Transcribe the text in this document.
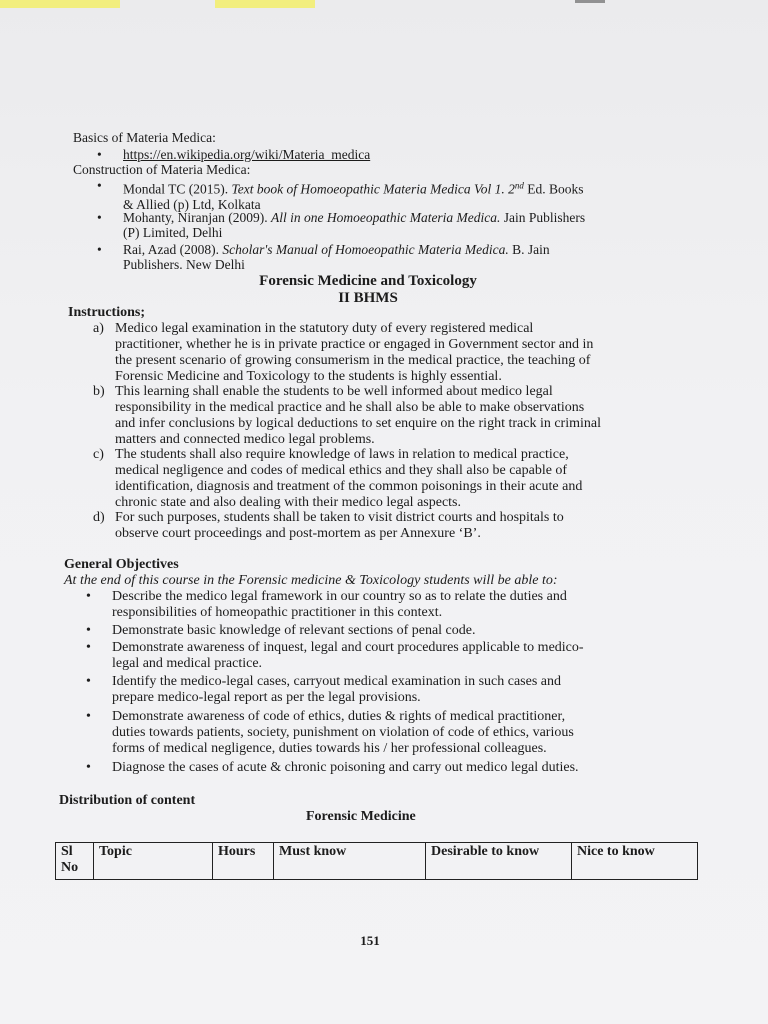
Basics of Materia Medica:
•	https://en.wikipedia.org/wiki/Materia_medica
Construction of Materia Medica:
•	Mondal TC (2015). Text book of Homoeopathic Materia Medica Vol 1. 2nd Ed. Books
& Allied (p) Ltd, Kolkata
•	Mohanty, Niranjan (2009). All in one Homoeopathic Materia Medica. Jain Publishers
(P) Limited, Delhi
•	Rai, Azad (2008). Scholar's Manual of Homoeopathic Materia Medica. B. Jain
Publishers. New Delhi
Forensic Medicine and Toxicology
II BHMS
Instructions;
a) Medico legal examination in the statutory duty of every registered medical
practitioner, whether he is in private practice or engaged in Government sector and in
the present scenario of growing consumerism in the medical practice, the teaching of
Forensic Medicine and Toxicology to the students is highly essential.
b) This learning shall enable the students to be well informed about medico legal
responsibility in the medical practice and he shall also be able to make observations
and infer conclusions by logical deductions to set enquire on the right track in criminal
matters and connected medico legal problems.
c) The students shall also require knowledge of laws in relation to medical practice,
medical negligence and codes of medical ethics and they shall also be capable of
identification, diagnosis and treatment of the common poisonings in their acute and
chronic state and also dealing with their medico legal aspects.
d) For such purposes, students shall be taken to visit district courts and hospitals to
observe court proceedings and post-mortem as per Annexure ‘B’.
General Objectives
At the end of this course in the Forensic medicine & Toxicology students will be able to:
•	Describe the medico legal framework in our country so as to relate the duties and
responsibilities of homeopathic practitioner in this context.
•	Demonstrate basic knowledge of relevant sections of penal code.
•	Demonstrate awareness of inquest, legal and court procedures applicable to medico-
legal and medical practice.
•	Identify the medico-legal cases, carryout medical examination in such cases and
prepare medico-legal report as per the legal provisions.
•	Demonstrate awareness of code of ethics, duties & rights of medical practitioner,
duties towards patients, society, punishment on violation of code of ethics, various
forms of medical negligence, duties towards his / her professional colleagues.
•	Diagnose the cases of acute & chronic poisoning and carry out medico legal duties.
Distribution of content
Forensic Medicine
Sl
No	Topic	Hours	Must know	Desirable to know	Nice to know
151
